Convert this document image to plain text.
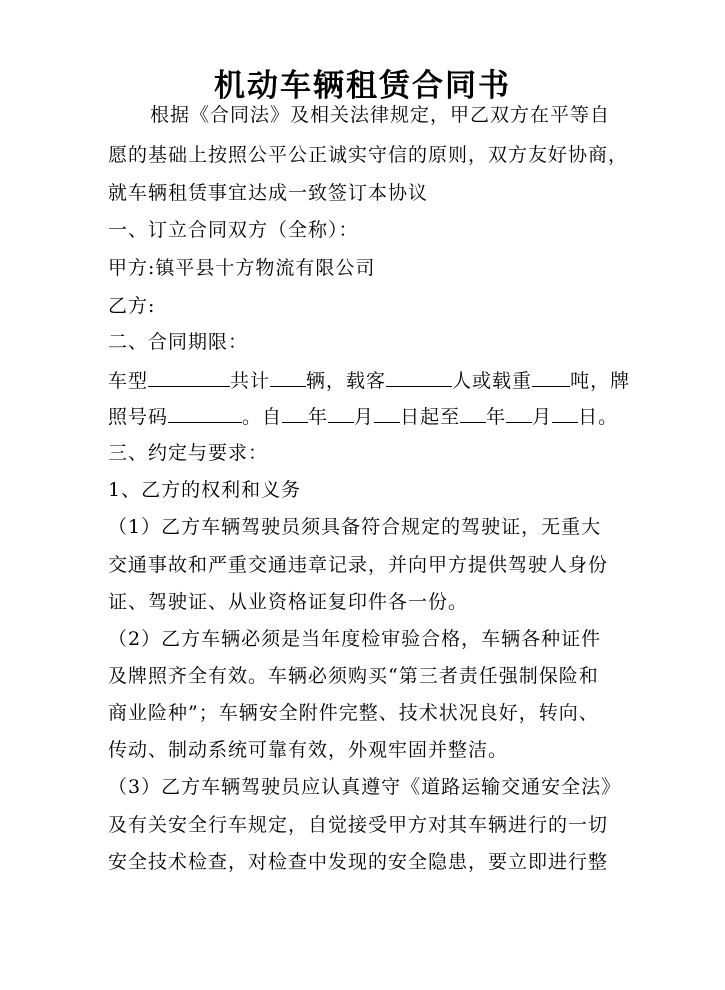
机动车辆租赁合同书
根据《合同法》及相关法律规定，甲乙双方在平等自
愿的基础上按照公平公正诚实守信的原则，双方友好协商，
就车辆租赁事宜达成一致签订本协议
一、订立合同双方（全称）：
甲方:镇平县十方物流有限公司
乙方:
二、合同期限：
车型	共计 辆，载客	人或载重 吨，牌
照号码	。自 年 月 日起至 年 月 日。
三、约定与要求：
1、乙方的权利和义务
（1）乙方车辆驾驶员须具备符合规定的驾驶证，无重大
交通事故和严重交通违章记录，并向甲方提供驾驶人身份
证、驾驶证、从业资格证复印件各一份。
（2）乙方车辆必须是当年度检审验合格，车辆各种证件
及牌照齐全有效。车辆必须购买“第三者责任强制保险和
商业险种”；车辆安全附件完整、技术状况良好，转向、
传动、制动系统可靠有效，外观牢固并整洁。
（3）乙方车辆驾驶员应认真遵守《道路运输交通安全法》
及有关安全行车规定，自觉接受甲方对其车辆进行的一切
安全技术检查，对检查中发现的安全隐患，要立即进行整
